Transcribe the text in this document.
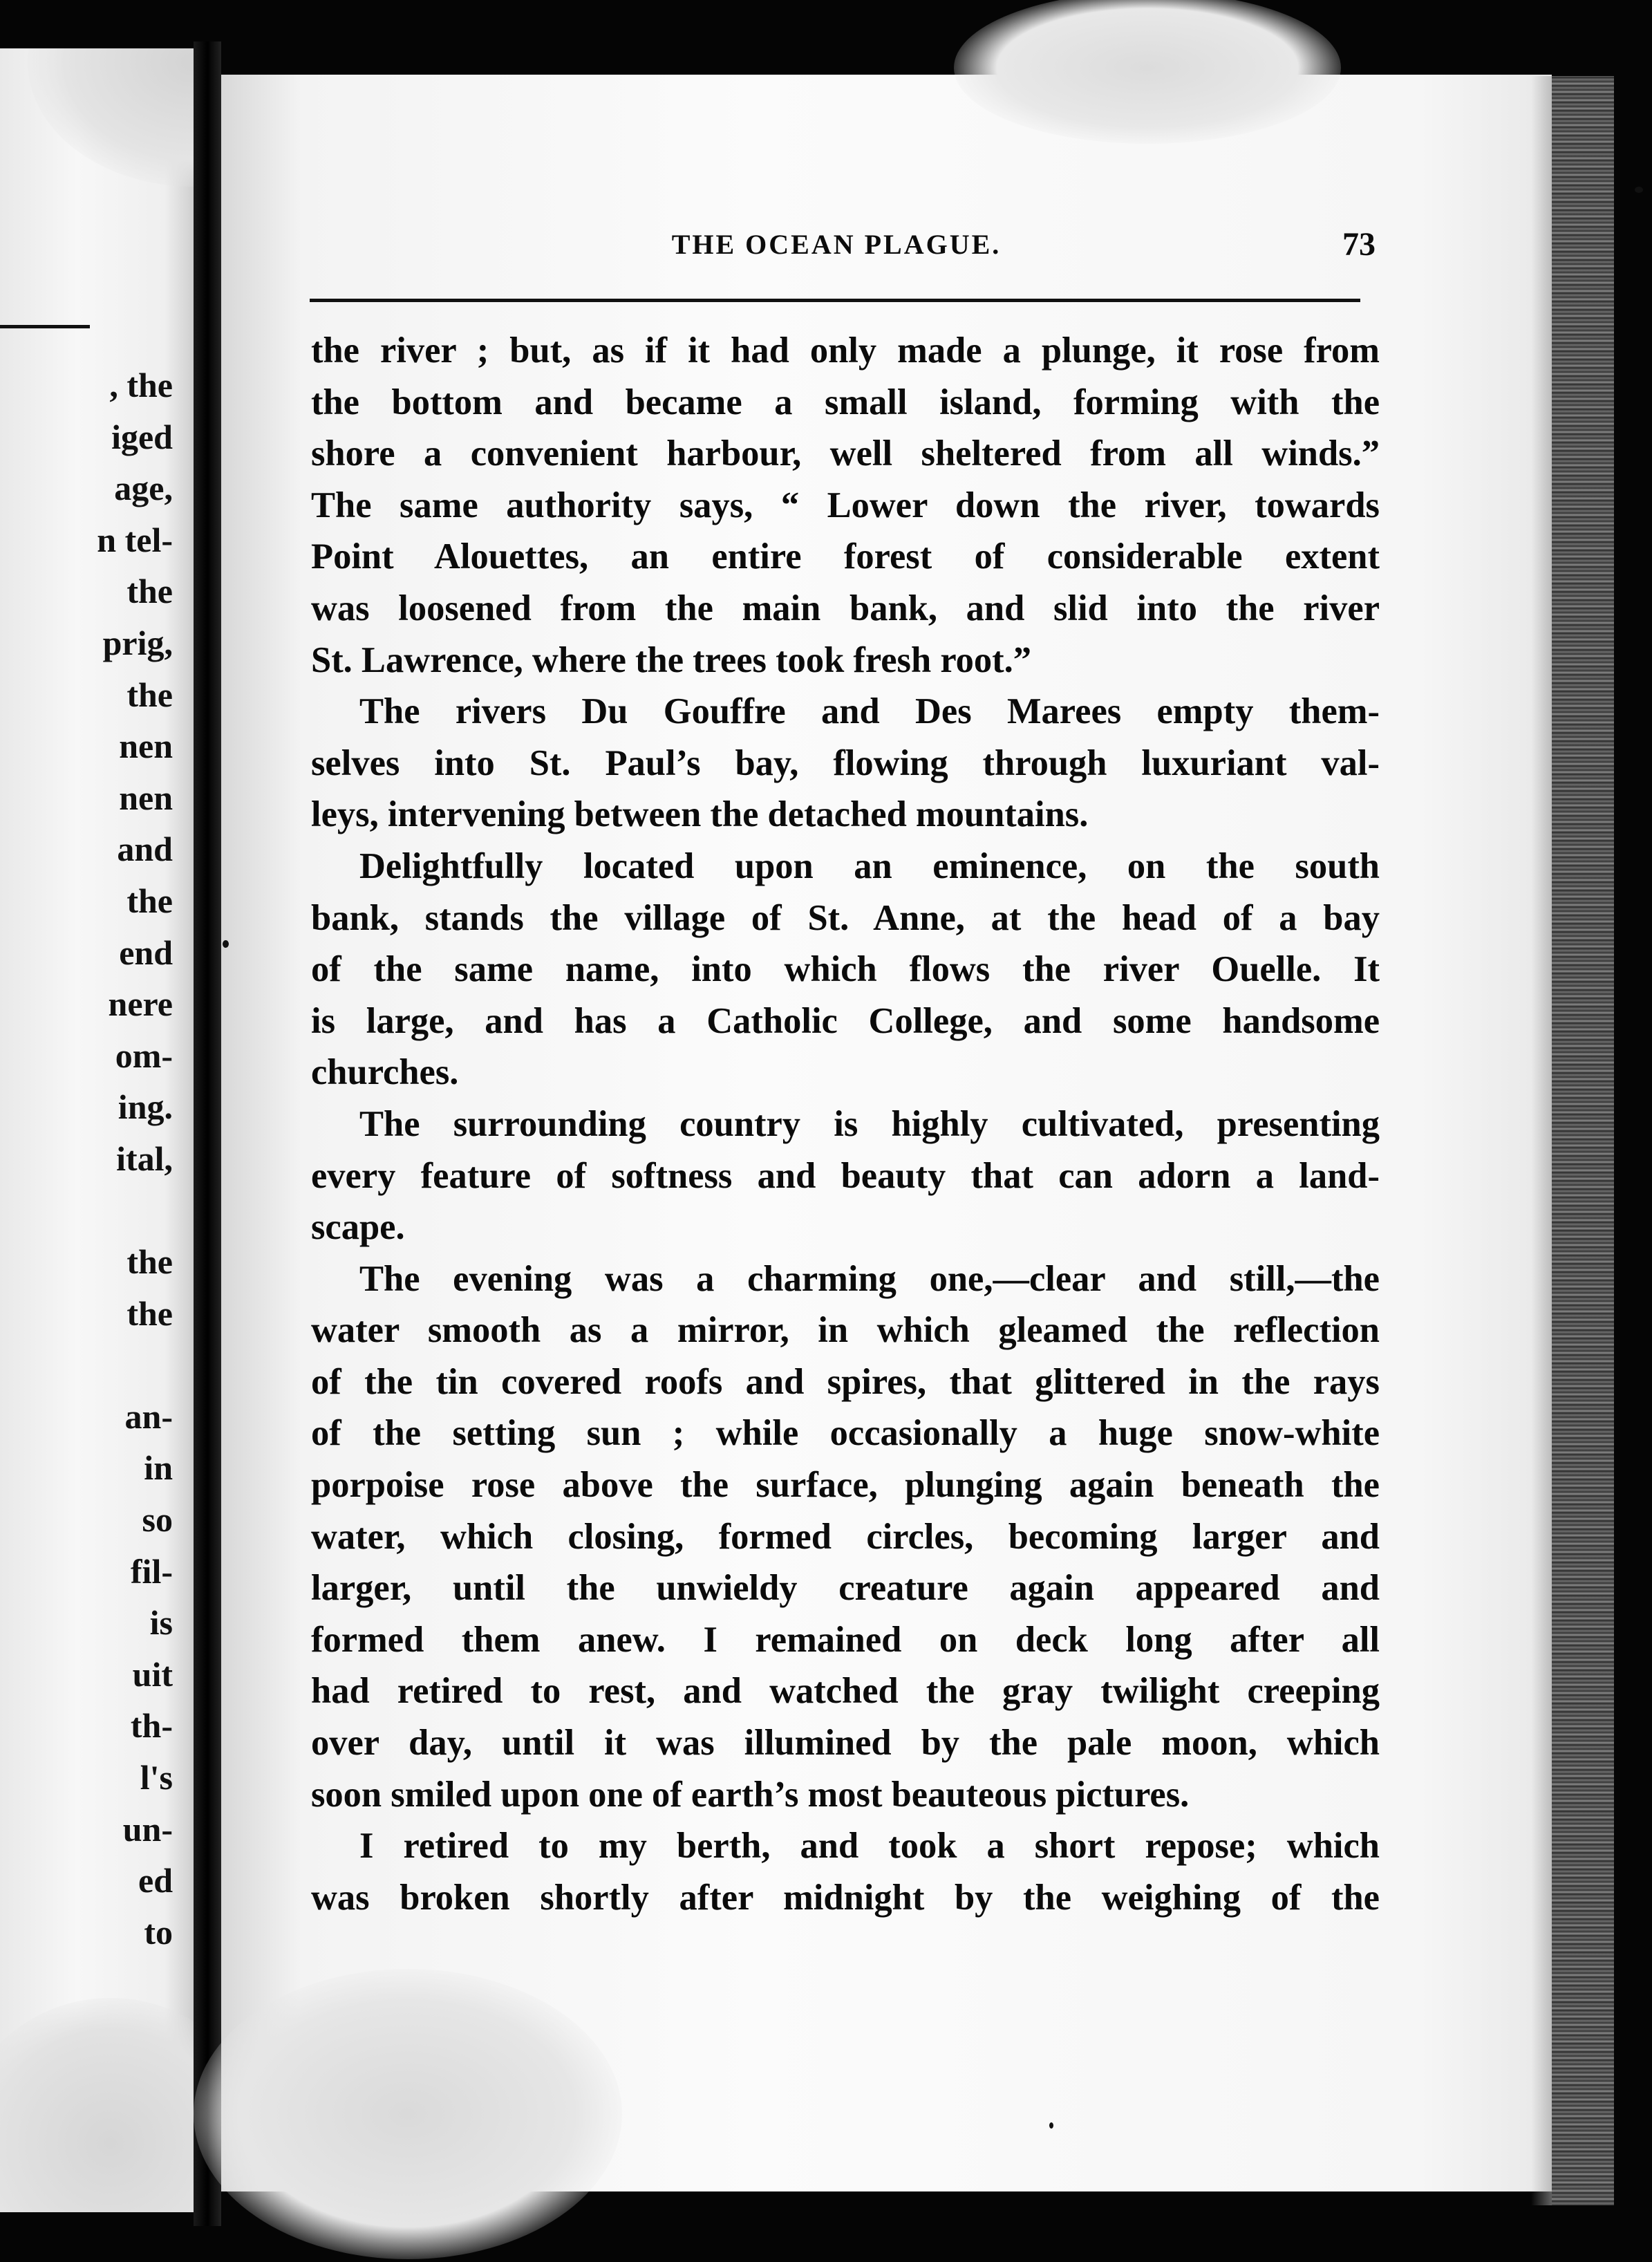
, the
iged
age,
n tel-
the
prig,
the
nen
nen
and
the
end
nere
om-
ing.
ital,
the
the
an-
in
so
fil-
is
uit
th-
l's
un-
ed
to
THE OCEAN PLAGUE.	73
the river ; but, as if it had only made a plunge, it rose from
the bottom and became a small island, forming with the
shore a convenient harbour, well sheltered from all winds.”
The same authority says, “ Lower down the river, towards
Point Alouettes, an entire forest of considerable extent
was loosened from the main bank, and slid into the river
St. Lawrence, where the trees took fresh root.”
The rivers Du Gouffre and Des Marees empty them-
selves into St. Paul’s bay, flowing through luxuriant val-
leys, intervening between the detached mountains.
Delightfully located upon an eminence, on the south
bank, stands the village of St. Anne, at the head of a bay
of the same name, into which flows the river Ouelle. It
is large, and has a Catholic College, and some handsome
churches.
The surrounding country is highly cultivated, presenting
every feature of softness and beauty that can adorn a land-
scape.
The evening was a charming one,—clear and still,—the
water smooth as a mirror, in which gleamed the reflection
of the tin covered roofs and spires, that glittered in the rays
of the setting sun ; while occasionally a huge snow-white
porpoise rose above the surface, plunging again beneath the
water, which closing, formed circles, becoming larger and
larger, until the unwieldy creature again appeared and
formed them anew. I remained on deck long after all
had retired to rest, and watched the gray twilight creeping
over day, until it was illumined by the pale moon, which
soon smiled upon one of earth’s most beauteous pictures.
I retired to my berth, and took a short repose; which
was broken shortly after midnight by the weighing of the
